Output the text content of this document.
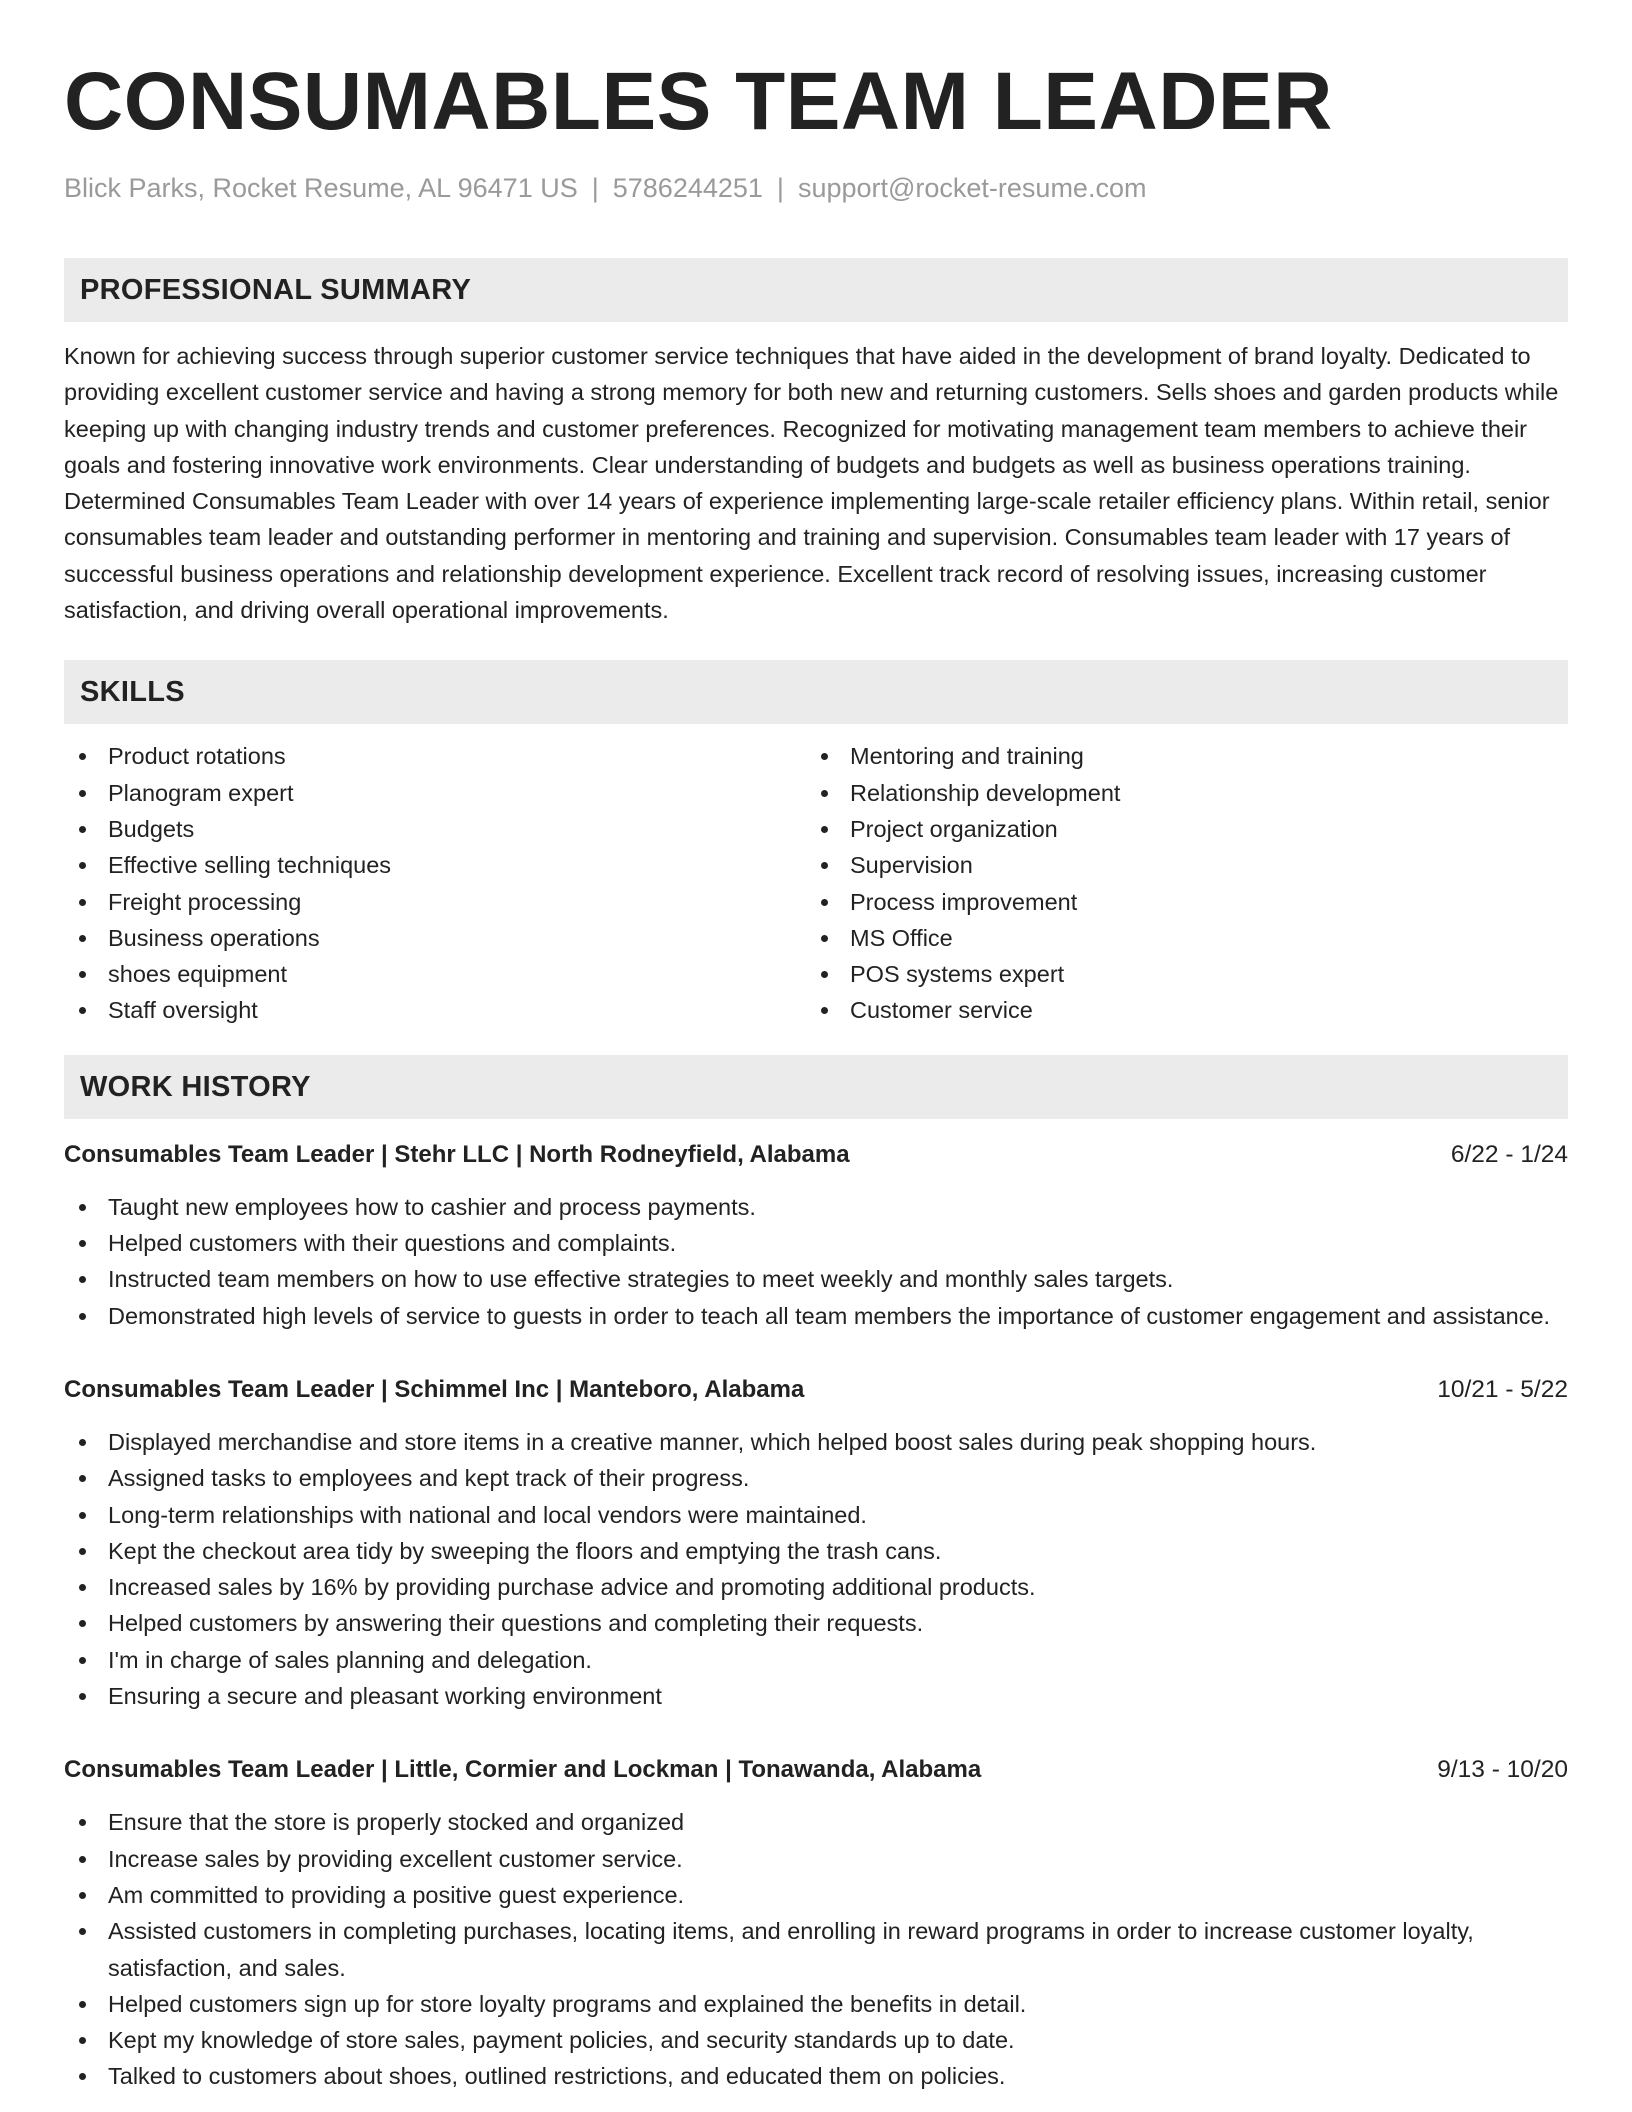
CONSUMABLES TEAM LEADER
Blick Parks, Rocket Resume, AL 96471 US | 5786244251 | support@rocket-resume.com
PROFESSIONAL SUMMARY
Known for achieving success through superior customer service techniques that have aided in the development of brand loyalty. Dedicated to providing excellent customer service and having a strong memory for both new and returning customers. Sells shoes and garden products while keeping up with changing industry trends and customer preferences. Recognized for motivating management team members to achieve their goals and fostering innovative work environments. Clear understanding of budgets and budgets as well as business operations training. Determined Consumables Team Leader with over 14 years of experience implementing large-scale retailer efficiency plans. Within retail, senior consumables team leader and outstanding performer in mentoring and training and supervision. Consumables team leader with 17 years of successful business operations and relationship development experience. Excellent track record of resolving issues, increasing customer satisfaction, and driving overall operational improvements.
SKILLS
Product rotations
Planogram expert
Budgets
Effective selling techniques
Freight processing
Business operations
shoes equipment
Staff oversight
Mentoring and training
Relationship development
Project organization
Supervision
Process improvement
MS Office
POS systems expert
Customer service
WORK HISTORY
Consumables Team Leader | Stehr LLC | North Rodneyfield, Alabama	6/22 - 1/24
Taught new employees how to cashier and process payments.
Helped customers with their questions and complaints.
Instructed team members on how to use effective strategies to meet weekly and monthly sales targets.
Demonstrated high levels of service to guests in order to teach all team members the importance of customer engagement and assistance.
Consumables Team Leader | Schimmel Inc | Manteboro, Alabama	10/21 - 5/22
Displayed merchandise and store items in a creative manner, which helped boost sales during peak shopping hours.
Assigned tasks to employees and kept track of their progress.
Long-term relationships with national and local vendors were maintained.
Kept the checkout area tidy by sweeping the floors and emptying the trash cans.
Increased sales by 16% by providing purchase advice and promoting additional products.
Helped customers by answering their questions and completing their requests.
I'm in charge of sales planning and delegation.
Ensuring a secure and pleasant working environment
Consumables Team Leader | Little, Cormier and Lockman | Tonawanda, Alabama	9/13 - 10/20
Ensure that the store is properly stocked and organized
Increase sales by providing excellent customer service.
Am committed to providing a positive guest experience.
Assisted customers in completing purchases, locating items, and enrolling in reward programs in order to increase customer loyalty, satisfaction, and sales.
Helped customers sign up for store loyalty programs and explained the benefits in detail.
Kept my knowledge of store sales, payment policies, and security standards up to date.
Talked to customers about shoes, outlined restrictions, and educated them on policies.
